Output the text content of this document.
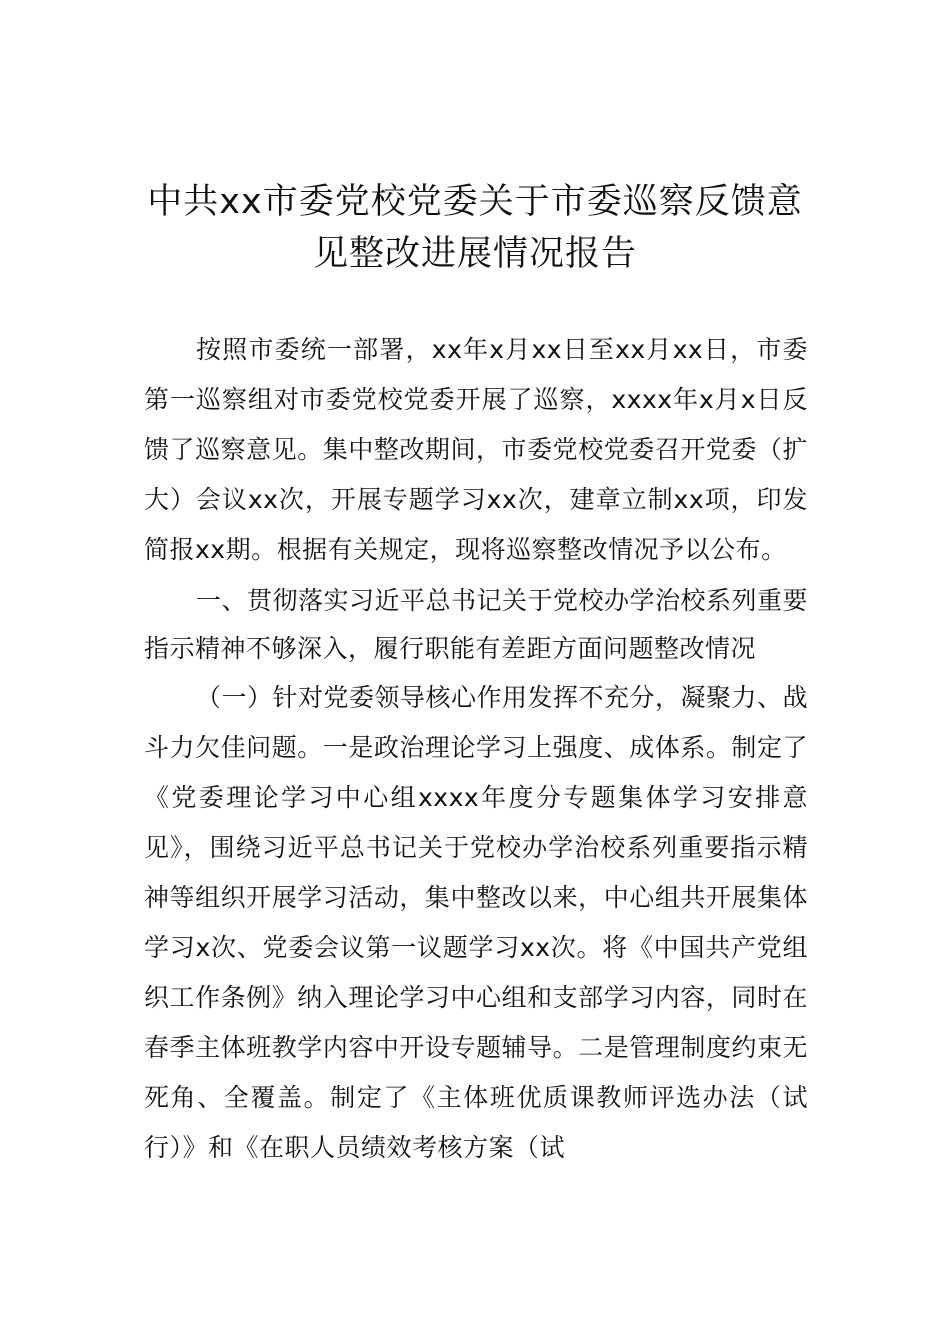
中共xx市委党校党委关于市委巡察反馈意
见整改进展情况报告

按照市委统一部署，xx年x月xx日至xx月xx日，市委第一巡察组对市委党校党委开展了巡察，xxxx年x月x日反馈了巡察意见。集中整改期间，市委党校党委召开党委（扩大）会议xx次，开展专题学习xx次，建章立制xx项，印发简报xx期。根据有关规定，现将巡察整改情况予以公布。

一、贯彻落实习近平总书记关于党校办学治校系列重要指示精神不够深入，履行职能有差距方面问题整改情况

（一）针对党委领导核心作用发挥不充分，凝聚力、战斗力欠佳问题。一是政治理论学习上强度、成体系。制定了《党委理论学习中心组xxxx年度分专题集体学习安排意见》，围绕习近平总书记关于党校办学治校系列重要指示精神等组织开展学习活动，集中整改以来，中心组共开展集体学习x次、党委会议第一议题学习xx次。将《中国共产党组织工作条例》纳入理论学习中心组和支部学习内容，同时在春季主体班教学内容中开设专题辅导。二是管理制度约束无死角、全覆盖。制定了《主体班优质课教师评选办法（试行）》和《在职人员绩效考核方案（试
